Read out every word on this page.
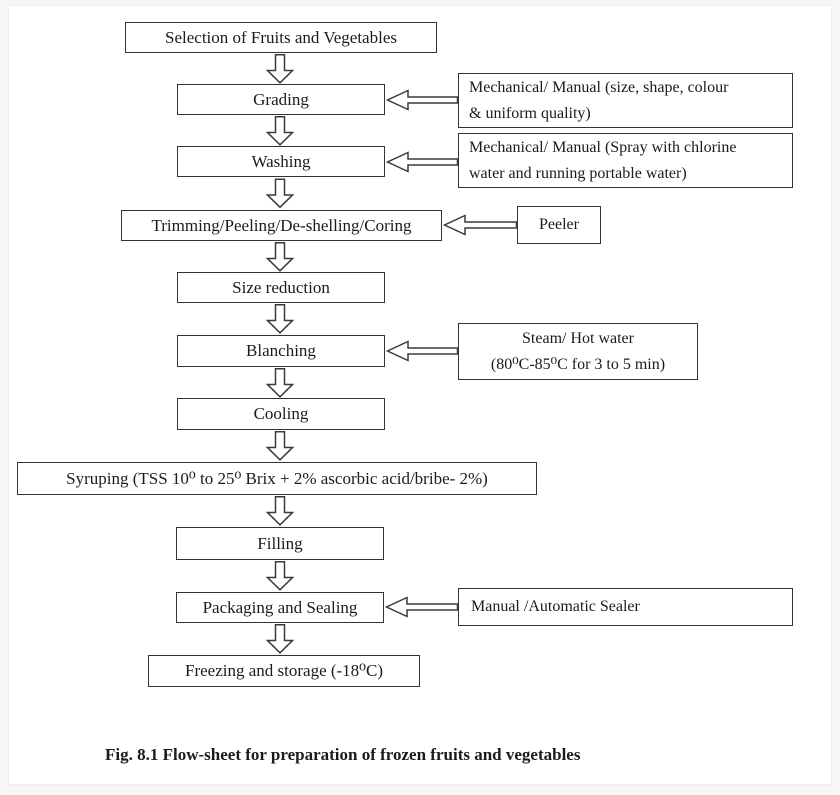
Selection of Fruits and Vegetables
Grading
Washing
Trimming/Peeling/De-shelling/Coring
Size reduction
Blanching
Cooling
Syruping (TSS 10⁰ to 25⁰ Brix + 2% ascorbic acid/bribe- 2%)
Filling
Packaging and Sealing
Freezing and storage (-18⁰C)
Mechanical/ Manual (size, shape, colour
& uniform quality)
Mechanical/ Manual (Spray with chlorine
water and running portable water)
Peeler
Steam/ Hot water
(80⁰C-85⁰C for 3 to 5 min)
Manual /Automatic Sealer
Fig. 8.1 Flow-sheet for preparation of frozen fruits and vegetables
